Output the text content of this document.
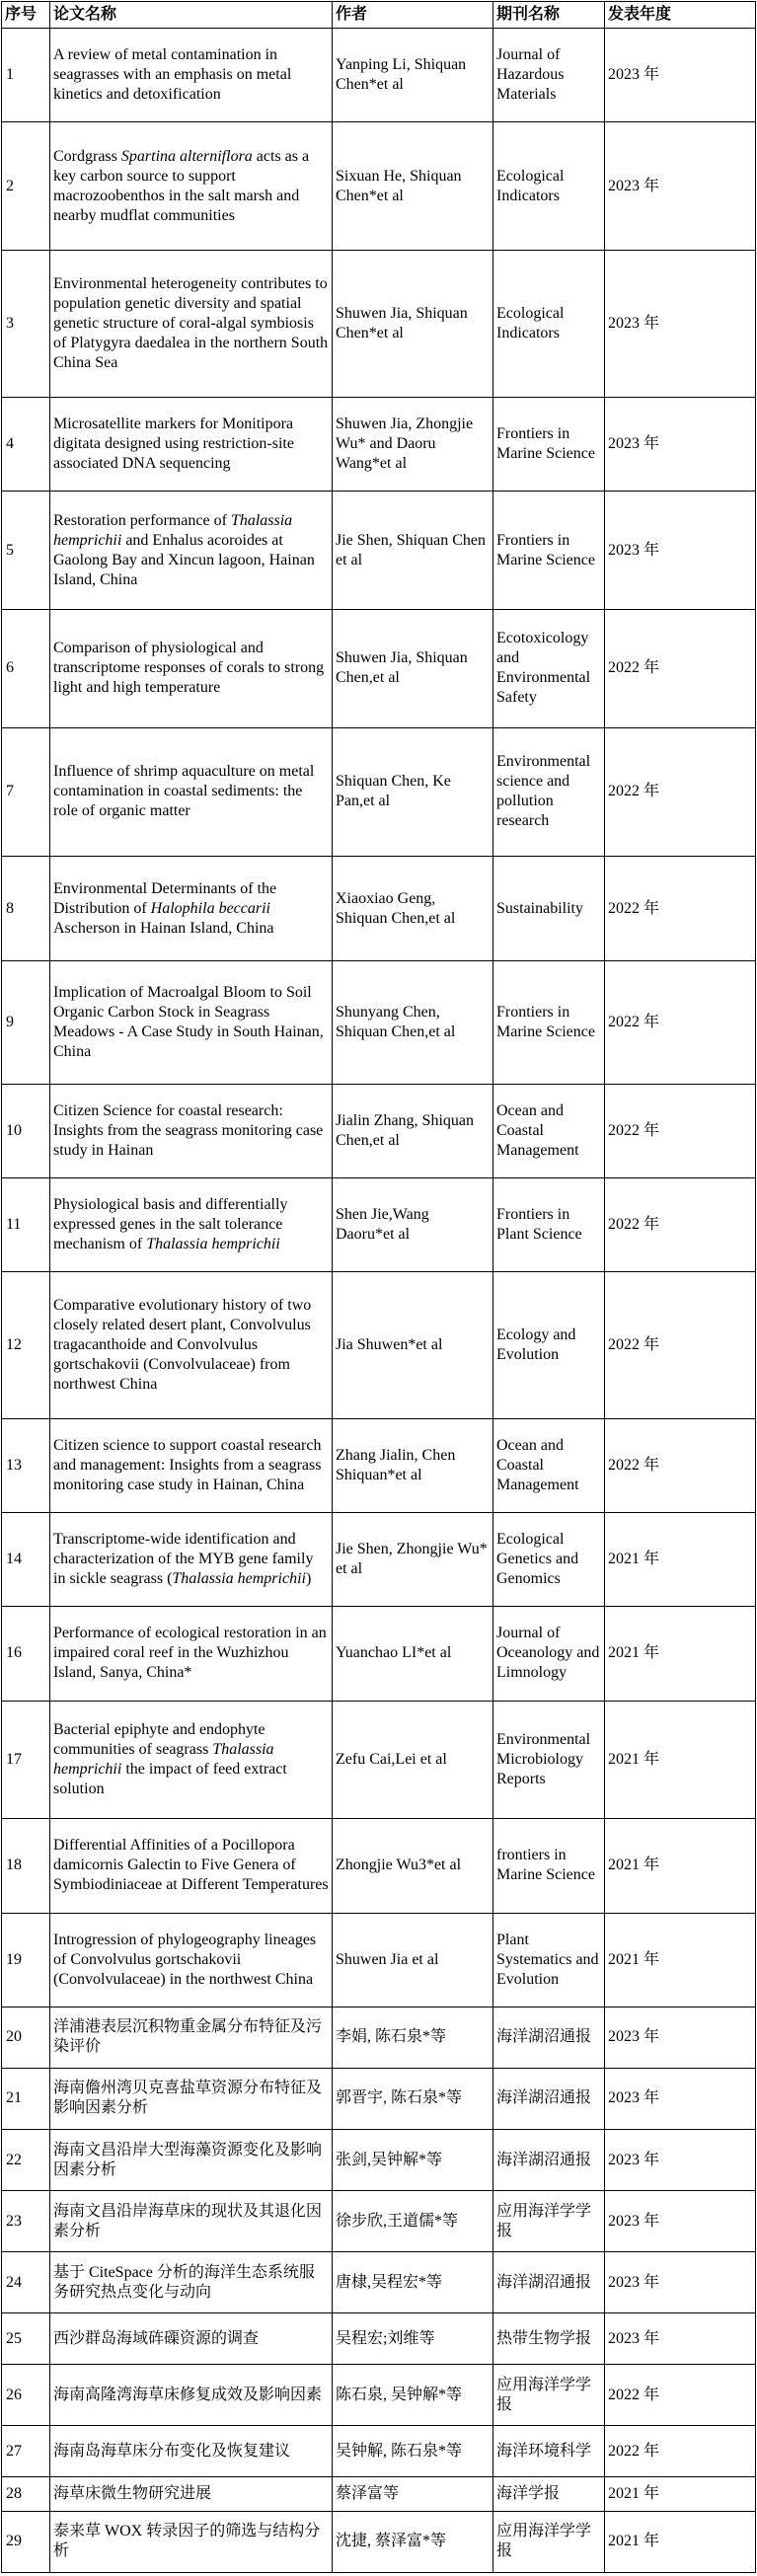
序号	论文名称	作者	期刊名称	发表年度
1	A review of metal contamination in seagrasses with an emphasis on metal kinetics and detoxification	Yanping Li, Shiquan Chen*et al	Journal of Hazardous Materials	2023 年
2	Cordgrass Spartina alterniflora acts as a key carbon source to support macrozoobenthos in the salt marsh and nearby mudflat communities	Sixuan He, Shiquan Chen*et al	Ecological Indicators	2023 年
3	Environmental heterogeneity contributes to population genetic diversity and spatial genetic structure of coral-algal symbiosis of Platygyra daedalea in the northern South China Sea	Shuwen Jia, Shiquan Chen*et al	Ecological Indicators	2023 年
4	Microsatellite markers for Monitipora digitata designed using restriction-site associated DNA sequencing	Shuwen Jia, Zhongjie Wu* and Daoru Wang*et al	Frontiers in Marine Science	2023 年
5	Restoration performance of Thalassia hemprichii and Enhalus acoroides at Gaolong Bay and Xincun lagoon, Hainan Island, China	Jie Shen, Shiquan Chen et al	Frontiers in Marine Science	2023 年
6	Comparison of physiological and transcriptome responses of corals to strong light and high temperature	Shuwen Jia, Shiquan Chen,et al	Ecotoxicology and Environmental Safety	2022 年
7	Influence of shrimp aquaculture on metal contamination in coastal sediments: the role of organic matter	Shiquan Chen, Ke Pan,et al	Environmental science and pollution research	2022 年
8	Environmental Determinants of the Distribution of Halophila beccarii Ascherson in Hainan Island, China	Xiaoxiao Geng, Shiquan Chen,et al	Sustainability	2022 年
9	Implication of Macroalgal Bloom to Soil Organic Carbon Stock in Seagrass Meadows - A Case Study in South Hainan, China	Shunyang Chen, Shiquan Chen,et al	Frontiers in Marine Science	2022 年
10	Citizen Science for coastal research: Insights from the seagrass monitoring case study in Hainan	Jialin Zhang, Shiquan Chen,et al	Ocean and Coastal Management	2022 年
11	Physiological basis and differentially expressed genes in the salt tolerance mechanism of Thalassia hemprichii	Shen Jie,Wang Daoru*et al	Frontiers in Plant Science	2022 年
12	Comparative evolutionary history of two closely related desert plant, Convolvulus tragacanthoide and Convolvulus gortschakovii (Convolvulaceae) from northwest China	Jia Shuwen*et al	Ecology and Evolution	2022 年
13	Citizen science to support coastal research and management: Insights from a seagrass monitoring case study in Hainan, China	Zhang Jialin, Chen Shiquan*et al	Ocean and Coastal Management	2022 年
14	Transcriptome-wide identification and characterization of the MYB gene family in sickle seagrass (Thalassia hemprichii)	Jie Shen, Zhongjie Wu* et al	Ecological Genetics and Genomics	2021 年
16	Performance of ecological restoration in an impaired coral reef in the Wuzhizhou Island, Sanya, China*	Yuanchao LI*et al	Journal of Oceanology and Limnology	2021 年
17	Bacterial epiphyte and endophyte communities of seagrass Thalassia hemprichii the impact of feed extract solution	Zefu Cai,Lei et al	Environmental Microbiology Reports	2021 年
18	Differential Affinities of a Pocillopora damicornis Galectin to Five Genera of Symbiodiniaceae at Different Temperatures	Zhongjie Wu3*et al	frontiers in Marine Science	2021 年
19	Introgression of phylogeography lineages of Convolvulus gortschakovii (Convolvulaceae) in the northwest China	Shuwen Jia et al	Plant Systematics and Evolution	2021 年
20	洋浦港表层沉积物重金属分布特征及污染评价	李娟, 陈石泉*等	海洋湖沼通报	2023 年
21	海南儋州湾贝克喜盐草资源分布特征及影响因素分析	郭晋宇, 陈石泉*等	海洋湖沼通报	2023 年
22	海南文昌沿岸大型海藻资源变化及影响因素分析	张剑,吴钟解*等	海洋湖沼通报	2023 年
23	海南文昌沿岸海草床的现状及其退化因素分析	徐步欣,王道儒*等	应用海洋学学报	2023 年
24	基于 CiteSpace 分析的海洋生态系统服务研究热点变化与动向	唐棣,吴程宏*等	海洋湖沼通报	2023 年
25	西沙群岛海域砗磲资源的调查	吴程宏;刘维等	热带生物学报	2023 年
26	海南高隆湾海草床修复成效及影响因素	陈石泉, 吴钟解*等	应用海洋学学报	2022 年
27	海南岛海草床分布变化及恢复建议	吴钟解, 陈石泉*等	海洋环境科学	2022 年
28	海草床微生物研究进展	蔡泽富等	海洋学报	2021 年
29	泰来草 WOX 转录因子的筛选与结构分析	沈捷, 蔡泽富*等	应用海洋学学报	2021 年
